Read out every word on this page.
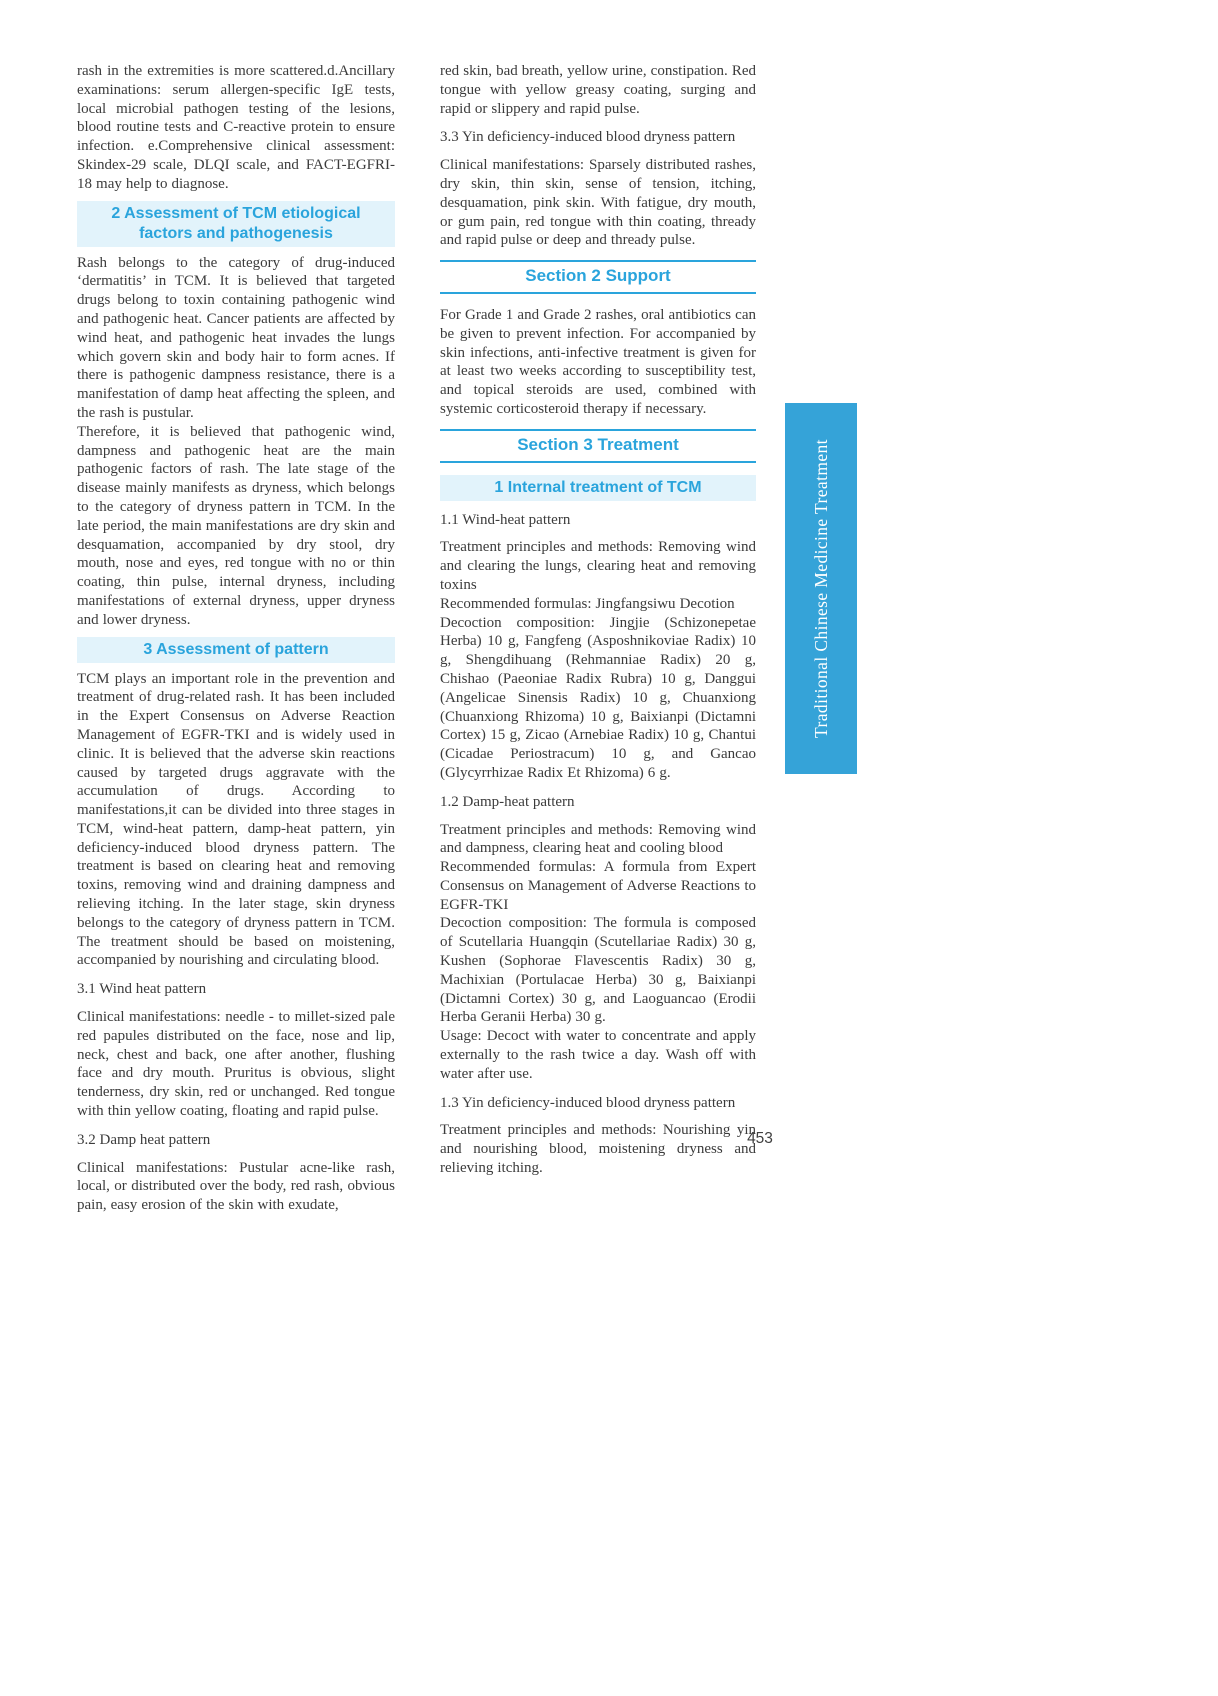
rash in the extremities is more scattered.d.Ancillary examinations: serum allergen-specific IgE tests, local microbial pathogen testing of the lesions, blood routine tests and C-reactive protein to ensure infection. e.Comprehensive clinical assessment: Skindex-29 scale, DLQI scale, and FACT-EGFRI-18 may help to diagnose.

2 Assessment of TCM etiological factors and pathogenesis

Rash belongs to the category of drug-induced ‘dermatitis’ in TCM. It is believed that targeted drugs belong to toxin containing pathogenic wind and pathogenic heat. Cancer patients are affected by wind heat, and pathogenic heat invades the lungs which govern skin and body hair to form acnes. If there is pathogenic dampness resistance, there is a manifestation of damp heat affecting the spleen, and the rash is pustular.

Therefore, it is believed that pathogenic wind, dampness and pathogenic heat are the main pathogenic factors of rash. The late stage of the disease mainly manifests as dryness, which belongs to the category of dryness pattern in TCM. In the late period, the main manifestations are dry skin and desquamation, accompanied by dry stool, dry mouth, nose and eyes, red tongue with no or thin coating, thin pulse, internal dryness, including manifestations of external dryness, upper dryness and lower dryness.

3 Assessment of pattern

TCM plays an important role in the prevention and treatment of drug-related rash. It has been included in the Expert Consensus on Adverse Reaction Management of EGFR-TKI and is widely used in clinic. It is believed that the adverse skin reactions caused by targeted drugs aggravate with the accumulation of drugs. According to manifestations,it can be divided into three stages in TCM, wind-heat pattern, damp-heat pattern, yin deficiency-induced blood dryness pattern. The treatment is based on clearing heat and removing toxins, removing wind and draining dampness and relieving itching. In the later stage, skin dryness belongs to the category of dryness pattern in TCM. The treatment should be based on moistening, accompanied by nourishing and circulating blood.

3.1 Wind heat pattern

Clinical manifestations: needle - to millet-sized pale red papules distributed on the face, nose and lip, neck, chest and back, one after another, flushing face and dry mouth. Pruritus is obvious, slight tenderness, dry skin, red or unchanged. Red tongue with thin yellow coating, floating and rapid pulse.

3.2 Damp heat pattern

Clinical manifestations: Pustular acne-like rash, local, or distributed over the body, red rash, obvious pain, easy erosion of the skin with exudate,

red skin, bad breath, yellow urine, constipation. Red tongue with yellow greasy coating, surging and rapid or slippery and rapid pulse.

3.3 Yin deficiency-induced blood dryness pattern

Clinical manifestations: Sparsely distributed rashes, dry skin, thin skin, sense of tension, itching, desquamation, pink skin. With fatigue, dry mouth, or gum pain, red tongue with thin coating, thready and rapid pulse or deep and thready pulse.

Section 2 Support

For Grade 1 and Grade 2 rashes, oral antibiotics can be given to prevent infection. For accompanied by skin infections, anti-infective treatment is given for at least two weeks according to susceptibility test, and topical steroids are used, combined with systemic corticosteroid therapy if necessary.

Section 3 Treatment
1 Internal treatment of TCM

1.1 Wind-heat pattern

Treatment principles and methods: Removing wind and clearing the lungs, clearing heat and removing toxins

Recommended formulas: Jingfangsiwu Decotion

Decoction composition: Jingjie (Schizonepetae Herba) 10 g, Fangfeng (Asposhnikoviae Radix) 10 g, Shengdihuang (Rehmanniae Radix) 20 g, Chishao (Paeoniae Radix Rubra) 10 g, Danggui (Angelicae Sinensis Radix) 10 g, Chuanxiong (Chuanxiong Rhizoma) 10 g, Baixianpi (Dictamni Cortex) 15 g, Zicao (Arnebiae Radix) 10 g, Chantui (Cicadae Periostracum) 10 g, and Gancao (Glycyrrhizae Radix Et Rhizoma) 6 g.

1.2 Damp-heat pattern

Treatment principles and methods: Removing wind and dampness, clearing heat and cooling blood

Recommended formulas: A formula from Expert Consensus on Management of Adverse Reactions to EGFR-TKI

Decoction composition: The formula is composed of Scutellaria Huangqin (Scutellariae Radix) 30 g, Kushen (Sophorae Flavescentis Radix) 30 g, Machixian (Portulacae Herba) 30 g, Baixianpi (Dictamni Cortex) 30 g, and Laoguancao (Erodii Herba Geranii Herba) 30 g.

Usage: Decoct with water to concentrate and apply externally to the rash twice a day. Wash off with water after use.

1.3 Yin deficiency-induced blood dryness pattern

Treatment principles and methods: Nourishing yin and nourishing blood, moistening dryness and relieving itching.

Traditional Chinese Medicine Treatment
453
